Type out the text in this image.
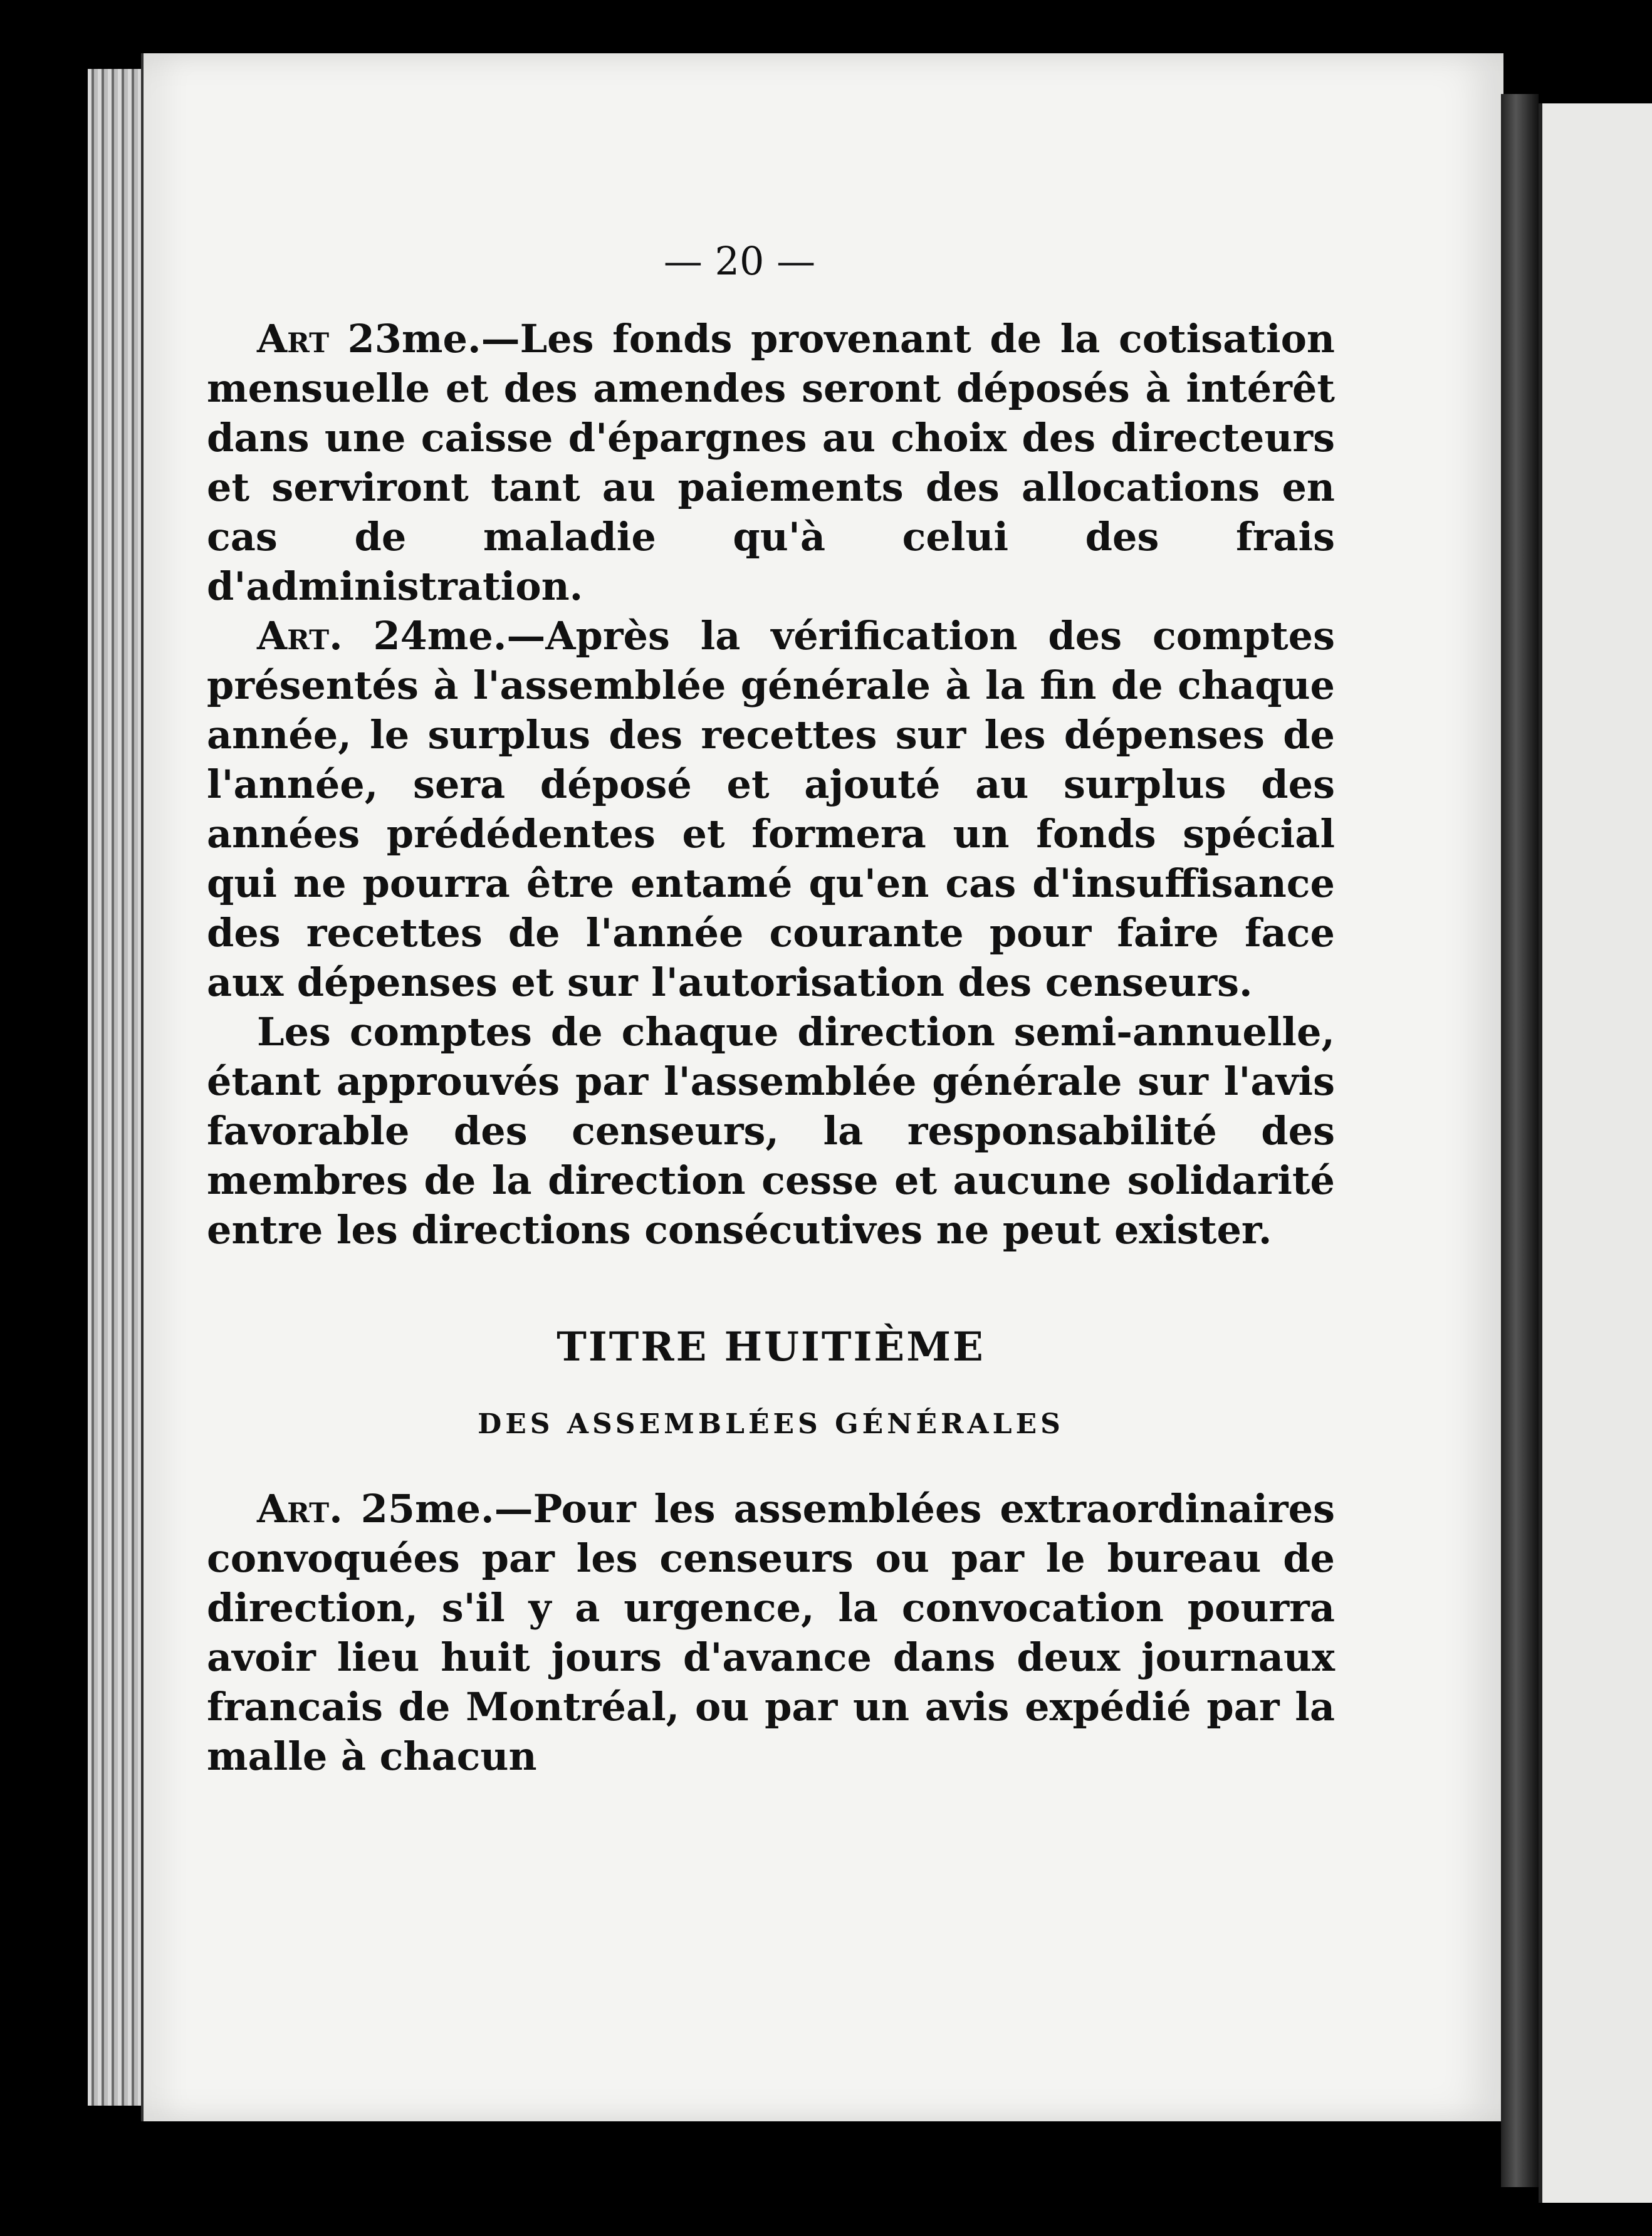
— 20 —

Art 23me.—Les fonds provenant de la cotisation mensuelle et des amendes seront déposés à intérêt dans une caisse d'épargnes au choix des directeurs et serviront tant au paiements des allocations en cas de maladie qu'à celui des frais d'administration.

Art. 24me.—Après la vérification des comptes présentés à l'assemblée générale à la fin de chaque année, le surplus des recettes sur les dépenses de l'année, sera déposé et ajouté au surplus des années prédédentes et formera un fonds spécial qui ne pourra être entamé qu'en cas d'insuffisance des recettes de l'année courante pour faire face aux dépenses et sur l'autorisation des censeurs.

Les comptes de chaque direction semi-annuelle, étant approuvés par l'assemblée générale sur l'avis favorable des censeurs, la responsabilité des membres de la direction cesse et aucune solidarité entre les directions consécutives ne peut exister.

TITRE HUITIÈME
DES ASSEMBLÉES GÉNÉRALES

Art. 25me.—Pour les assemblées extraordinaires convoquées par les censeurs ou par le bureau de direction, s'il y a urgence, la convocation pourra avoir lieu huit jours d'avance dans deux journaux francais de Montréal, ou par un avis expédié par la malle à chacun
